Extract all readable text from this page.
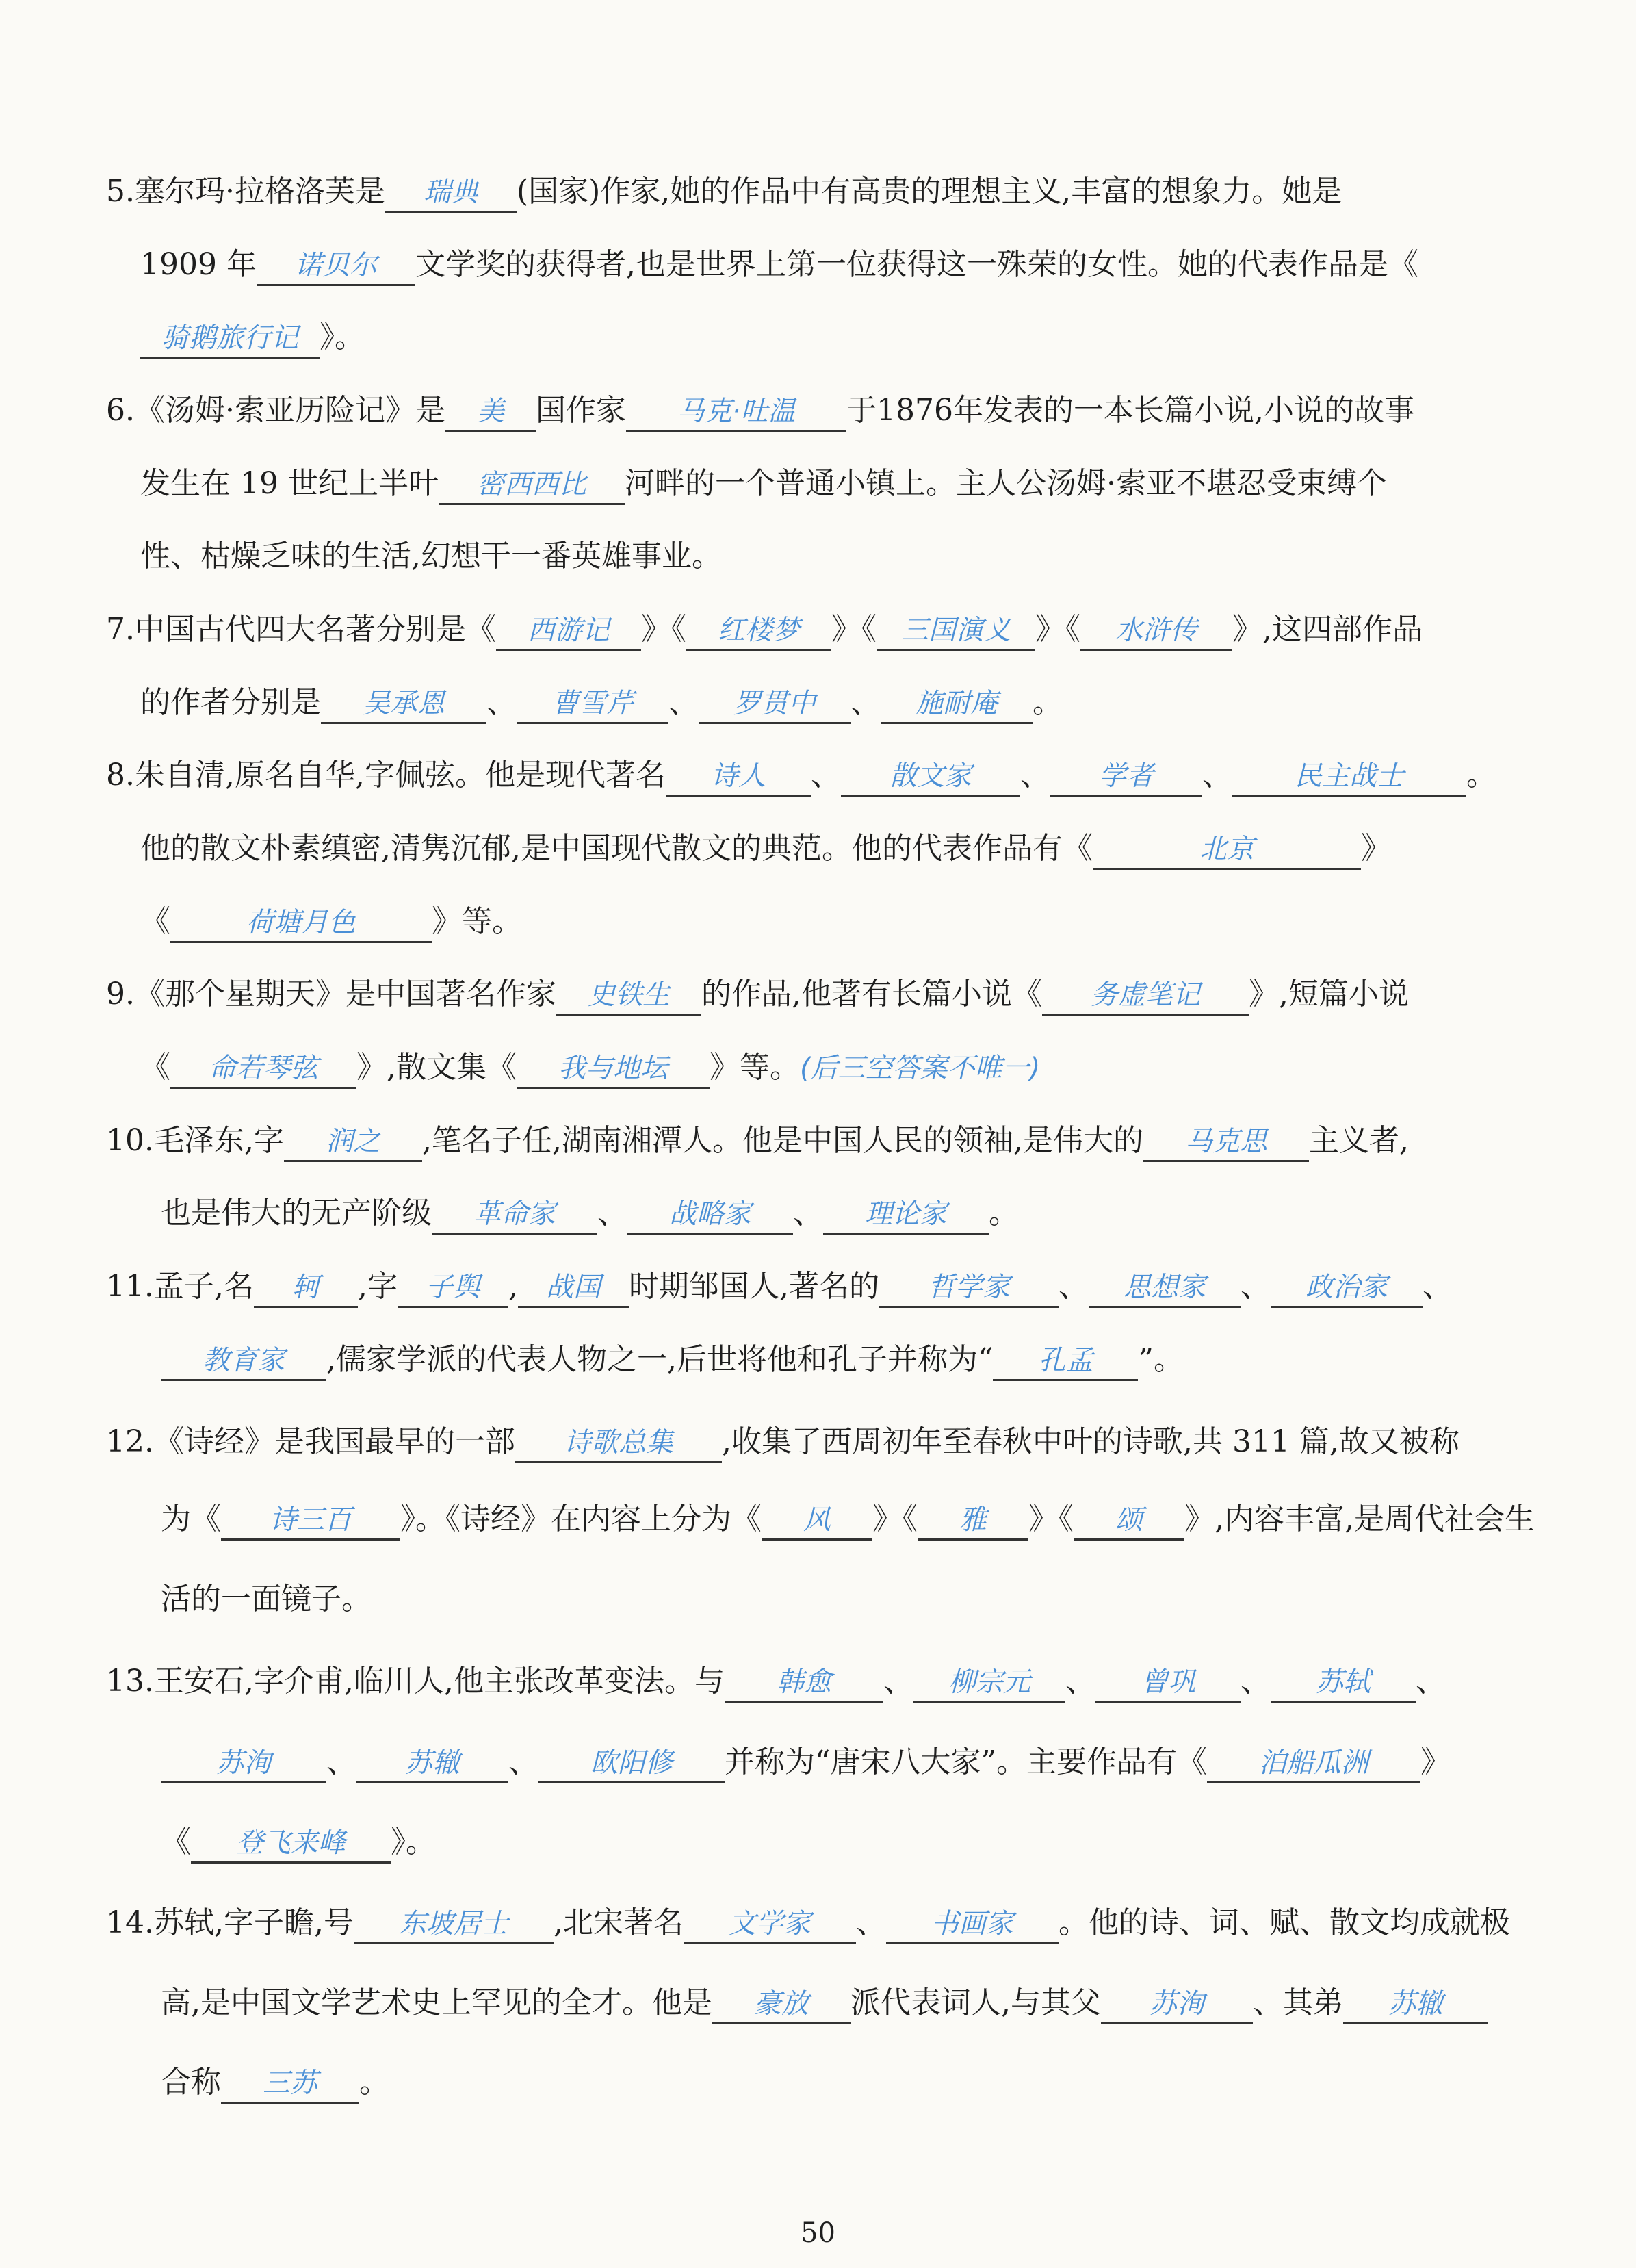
5.塞尔玛·拉格洛芙是 瑞典 (国家)作家,她的作品中有高贵的理想主义,丰富的想象力。她是
1909 年 诺贝尔 文学奖的获得者,也是世界上第一位获得这一殊荣的女性。她的代表作品是《
骑鹅旅行记 》。
6.《汤姆·索亚历险记》是 美 国作家 马克·吐温 于1876年发表的一本长篇小说,小说的故事
发生在 19 世纪上半叶 密西西比 河畔的一个普通小镇上。主人公汤姆·索亚不堪忍受束缚个
性、枯燥乏味的生活,幻想干一番英雄事业。
7.中国古代四大名著分别是《 西游记 》《 红楼梦 》《 三国演义 》《 水浒传 》,这四部作品
的作者分别是 吴承恩 、 曹雪芹 、 罗贯中 、 施耐庵 。
8.朱自清,原名自华,字佩弦。他是现代著名 诗人 、 散文家 、 学者 、 民主战士 。
他的散文朴素缜密,清隽沉郁,是中国现代散文的典范。他的代表作品有《	北京	》
《	荷塘月色	》等。
9.《那个星期天》是中国著名作家 史铁生 的作品,他著有长篇小说《 务虚笔记 》,短篇小说
《 命若琴弦 》,散文集《 我与地坛 》等。(后三空答案不唯一)
10.毛泽东,字 润之 ,笔名子任,湖南湘潭人。他是中国人民的领袖,是伟大的 马克思 主义者,
也是伟大的无产阶级 革命家 、 战略家 、 理论家 。
11.孟子,名 轲 ,字 子舆 , 战国 时期邹国人,著名的 哲学家 、 思想家 、 政治家 、
教育家 ,儒家学派的代表人物之一,后世将他和孔子并称为“ 孔孟 ”。
12.《诗经》是我国最早的一部 诗歌总集 ,收集了西周初年至春秋中叶的诗歌,共 311 篇,故又被称
为《 诗三百 》。《诗经》在内容上分为《 风 》《 雅 》《 颂 》,内容丰富,是周代社会生
活的一面镜子。
13.王安石,字介甫,临川人,他主张改革变法。与 韩愈 、 柳宗元 、 曾巩 、 苏轼 、
苏洵 、 苏辙 、 欧阳修 并称为“唐宋八大家”。主要作品有《 泊船瓜洲 》
《 登飞来峰 》。
14.苏轼,字子瞻,号 东坡居士 ,北宋著名 文学家 、 书画家 。他的诗、词、赋、散文均成就极
高,是中国文学艺术史上罕见的全才。他是 豪放 派代表词人,与其父 苏洵 、其弟 苏辙
合称 三苏 。
50
